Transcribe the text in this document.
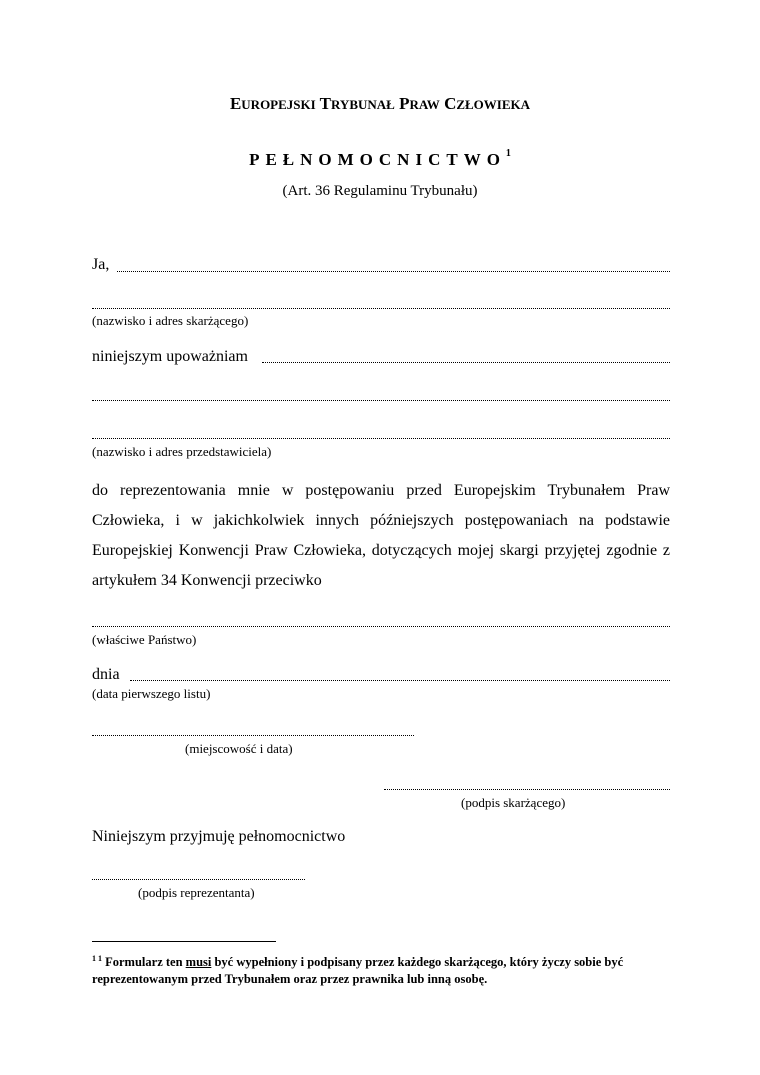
EUROPEJSKI TRYBUNAŁ PRAW CZŁOWIEKA
PEŁNOMOCNICTWO$^1$
(Art. 36 Regulaminu Trybunału)
Ja,
(nazwisko i adres skarżącego)
niniejszym upoważniam
(nazwisko i adres przedstawiciela)
do reprezentowania mnie w postępowaniu przed Europejskim Trybunałem Praw Człowieka, i w jakichkolwiek innych późniejszych postępowaniach na podstawie Europejskiej Konwencji Praw Człowieka, dotyczących mojej skargi przyjętej zgodnie z artykułem 34 Konwencji przeciwko
(właściwe Państwo)
dnia
(data pierwszego listu)
(miejscowość i data)
(podpis skarżącego)
Niniejszym przyjmuję pełnomocnictwo
(podpis reprezentanta)
$^{1 1}$ Formularz ten musi być wypełniony i podpisany przez każdego skarżącego, który życzy sobie być reprezentowanym przed Trybunałem oraz przez prawnika lub inną osobę.
